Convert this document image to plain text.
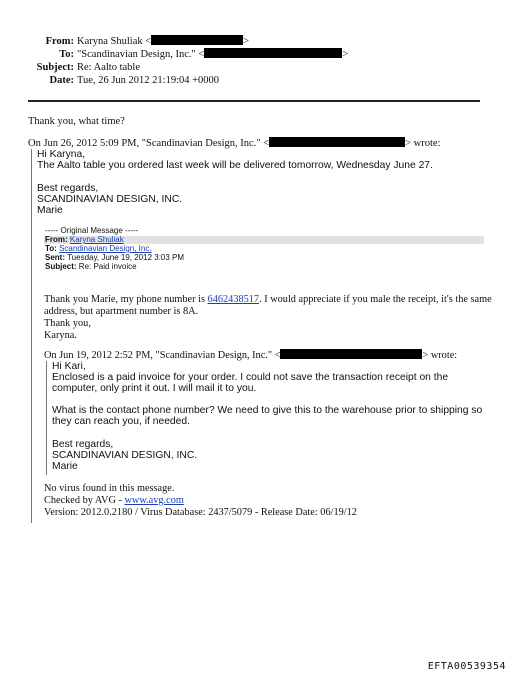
From: Karyna Shuliak <	>
To: "Scandinavian Design, Inc." <	>
Subject: Re: Aalto table
Date: Tue, 26 Jun 2012 21:19:04 +0000
Thank you, what time?
On Jun 26, 2012 5:09 PM, "Scandinavian Design, Inc." <	> wrote:
Hi Karyna,
The Aalto table you ordered last week will be delivered tomorrow, Wednesday June 27.
Best regards,
SCANDINAVIAN DESIGN, INC.
Marie
----- Original Message -----
From: Karyna Shuliak
To: Scandinavian Design, Inc.
Sent: Tuesday, June 19, 2012 3:03 PM
Subject: Re: Paid invoice
Thank you Marie, my phone number is 6462438517. I would appreciate if you male the receipt, it's the same
address, but apartment number is 8A.
Thank you,
Karyna.
On Jun 19, 2012 2:52 PM, "Scandinavian Design, Inc." <	> wrote:
Hi Kari,
Enclosed is a paid invoice for your order. I could not save the transaction receipt on the
computer, only print it out. I will mail it to you.
What is the contact phone number? We need to give this to the warehouse prior to shipping so
they can reach you, if needed.
Best regards,
SCANDINAVIAN DESIGN, INC.
Marie
No virus found in this message.
Checked by AVG - www.avg.com
Version: 2012.0.2180 / Virus Database: 2437/5079 - Release Date: 06/19/12
EFTA00539354
